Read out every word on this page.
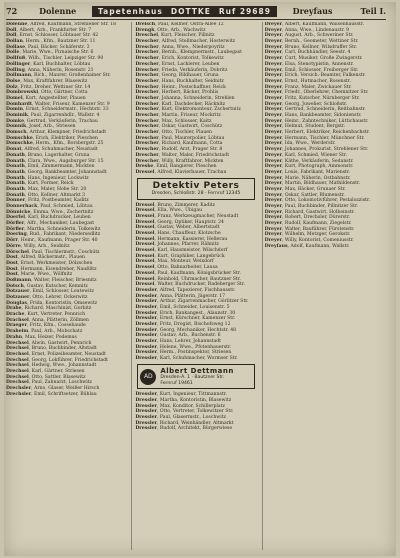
72	Dolenne	Tapetenhaus DOTTKE Ruf 29689	Dreyfaus	Teil I.
Dolenne, Alfred, Kaufmann, Strehlener Str. 18
Doll, Albert, Arb., Frankfurter Str. 7
Doll, Ernst, Schlosser, Löbtauer Str. 42
Dollan, Herm., Kfm., Bautzner Str. 11
Dollase, Paul, Bäcker, Schäferstr. 3
Dolle, Marie, Wwe., Pirnaische Str. 6
Dollfuß, Wilh., Tischler, Leipziger Str. 90
Dollinger, Karl, Buchhalter, Löbtau
Dolling, Anna, Näherin, Rosenstr. 21
Dollmann, Rich., Maurer, Großenhainer Str.
Dolse, Max, Kraftfahrer, Blasewitz
Dolz, Fritz, Dreher, Wettiner Str. 14
Dombrowski, Otto, Gärtner, Cotta
Domel, Kurt, Angestellter, Plauen
Domhardt, Walter, Friseur, Kamenzer Str. 9
Domin, Ernst, Schneidermstr., Hechtstr. 33
Dominik, Paul, Zigarrenhdlr., Wallstr. 4
Domke, Gertrud, Verkäuferin, Trachau
Domnik, Josef, Arb., Striesen
Domsch, Arthur, Klempner, Friedrichstadt
Domschke, Erich, Elektriker, Pieschen
Domschke, Herm., Kfm., Borsbergstr. 25
Donat, Alfred, Schuhmacher, Neustadt
Donath, Bruno, Lagerhalter, Gruna
Donath, Clara, Wwe., Augsburger Str. 15
Donath, Emil, Zimmermann, Mickten
Donath, Georg, Bankbeamter, Johannstadt
Donath, Hans, Ingenieur, Lockwitz
Donath, Kurt, Former, Reick
Donath, Max, Maler, Hohe Str. 20
Donath, Otto, Kellner, Altmarkt 3
Donner, Fritz, Postbeamter, Kaditz
Donnerhack, Paul, Schmied, Löbtau
Dönnicke, Emma, Wwe., Zschertnitz
Doerfel, Karl, Buchdrucker, Leuben
Dörfler, Alfr., Mechaniker, Laubegast
Dörfler, Martha, Schneiderin, Tolkewitz
Doering, Rud., Fabrikant, Niedersedlitz
Dörr, Heinr., Kaufmann, Prager Str. 40
Dörre, Willy, Arb., Seidnitz
Dörschel, Paul, Tischlermstr., Coschütz
Dost, Alfred, Bäckermstr., Plauen
Dost, Ernst, Werkmeister, Dölzschen
Dost, Hermann, Eisendreher, Naußlitz
Dost, Marie, Wwe., Wölfnitz
Doßmann, Walter, Fleischer, Briesnitz
Dotsch, Gustav, Kutscher, Kemnitz
Dotzauer, Emil, Schlosser, Leutewitz
Dotzauer, Otto, Lehrer, Ockerwitz
Douglas, Frida, Kontoristin, Omsewitz
Drabe, Richard, Maschinist, Gorbitz
Drache, Kurt, Vertreter, Pennrich
Drachsel, Anna, Plätterin, Zöllmen
Draeger, Fritz, Kfm., Cossebaude
Draheim, Paul, Arb., Mobschatz
Drahn, Max, Heizer, Podemus
Drechsel, Alwin, Gastwirt, Pennrich
Drechsel, Bruno, Buchbinder, Altstadt
Drechsel, Ernst, Polizeibeamter, Neustadt
Drechsel, Georg, Lokführer, Friedrichstadt
Drechsel, Hedwig, Wwe., Johannstadt
Drechsel, Karl, Gärtner, Striesen
Drechsel, Otto, Sattler, Blasewitz
Drechsel, Paul, Zahnarzt, Loschwitz
Drechsler, Arno, Glaser, Weißer Hirsch
Drechsler, Emil, Schriftsetzer, Bühlau
Dreisch, Paul, Kellner, Ostra-Allee 12
Drengk, Otto, Arb., Wachwitz
Dreschel, Kurt, Fleischer, Pillnitz
Drescher, Alfred, Stellmacher, Hosterwitz
Drescher, Anna, Wwe., Niederpoyritz
Drescher, Bernh., Klempnermstr., Laubegast
Drescher, Erich, Kontorist, Tolkewitz
Drescher, Ernst, Lackierer, Leuben
Drescher, Frieda, Verkäuferin, Dobritz
Drescher, Georg, Bildhauer, Gruna
Drescher, Hans, Buchhalter, Seidnitz
Drescher, Heinr., Postschaffner, Reick
Drescher, Herbert, Bäcker, Prohlis
Drescher, Johanna, Schneiderin, Strehlen
Drescher, Karl, Dachdecker, Räcknitz
Drescher, Kurt, Elektromonteur, Zschertnitz
Drescher, Martin, Friseur, Mockritz
Drescher, Max, Schlosser, Kaitz
Drescher, Oskar, Gastwirt, Coschütz
Drescher, Otto, Tischler, Plauen
Drescher, Paul, Maurerpolier, Löbtau
Drescher, Richard, Kaufmann, Cotta
Drescher, Rudolf, Arzt, Prager Str. 8
Drescher, Walter, Maler, Friedrichstadt
Drescher, Willy, Kraftfahrer, Mickten
Dreske, Emil, Rangierer, Pieschen
Dressel, Alfred, Klavierbauer, Trachau
Detektiv Peters
Dresden, Schloßstr. 28 · Fernruf 12345
Dressel, Bruno, Zimmerer, Kaditz
Dressel, Ella, Wwe., Übigau
Dressel, Franz, Werkzeugmacher, Neustadt
Dressel, Georg, Optiker, Hauptstr. 24
Dressel, Gustav, Weber, Albertstadt
Dressel, Hans, Chauffeur, Klotzsche
Dressel, Hermann, Kassierer, Hellerau
Dressel, Johannes, Pfarrer, Rähnitz
Dressel, Karl, Hausmeister, Wilschdorf
Dressel, Kurt, Graphiker, Langebrück
Dressel, Max, Monteur, Weixdorf
Dressel, Otto, Bahnarbeiter, Lausa
Dressel, Paul, Kaufmann, Königsbrücker Str.
Dressel, Reinhold, Uhrmacher, Bautzner Str.
Dressel, Walter, Buchdrucker, Radeberger Str.
Dressler, Alfred, Tapezierer, Fischhausstr.
Dressler, Anna, Plätterin, Jägerstr. 17
Dressler, Arthur, Zigarrenmacher, Görlitzer Str.
Dressler, Emil, Schneider, Louisenstr. 5
Dressler, Erich, Bankangest., Alaunstr. 30
Dressler, Ernst, Kürschner, Kamenzer Str.
Dressler, Fritz, Drogist, Bischofsweg 12
Dressler, Georg, Mechaniker, Hechtstr. 48
Dressler, Gustav, Arb., Buchenstr. 6
Dressler, Hans, Lehrer, Johannstadt
Dressler, Helene, Wwe., Pfotenhauerstr.
Dressler, Herm., Postinspektor, Striesen
Dressler, Karl, Schuhmacher, Wormser Str.
AD
Albert Dettmann
Dresden-A. 1 · Bautzner Str.
Fernruf 19461
Dressler, Kurt, Ingenieur, Tittmannstr.
Dressler, Martha, Kontoristin, Blasewitz
Dressler, Max, Konditor, Schillerplatz
Dressler, Otto, Vertreter, Tolkewitzer Str.
Dressler, Paul, Glasermstr., Loschwitz
Dressler, Richard, Weinhändler, Altmarkt
Dressler, Rudolf, Architekt, Bürgerwiese
Dreyer, Albert, Kaufmann, Waisenhausstr.
Dreyer, Anna, Wwe., Lindenaustr. 9
Dreyer, August, Arb., Schweriner Str.
Dreyer, Bernh., Geometer, Wettiner Str.
Dreyer, Bruno, Kellner, Wilsdruffer Str.
Dreyer, Carl, Buchhändler, Seestr. 4
Dreyer, Curt, Musiker, Große Zwingerstr.
Dreyer, Elsa, Stenotypistin, Annenstr.
Dreyer, Emil, Schlosser, Freiberger Str.
Dreyer, Erich, Versich.-Beamter, Falkenstr.
Dreyer, Ernst, Hutmacher, Rosenstr.
Dreyer, Franz, Maler, Zwickauer Str.
Dreyer, Friedr., Oberlehrer, Chemnitzer Str.
Dreyer, Fritz, Kutscher, Nürnberger Str.
Dreyer, Georg, Juwelier, Schloßstr.
Dreyer, Gertrud, Schneiderin, Reitbahnstr.
Dreyer, Hans, Bankbeamter, Sidonienstr.
Dreyer, Heinr., Zahntechniker, Lüttichaustr.
Dreyer, Helmut, Student, Bergstr.
Dreyer, Herbert, Elektriker, Reichenbachstr.
Dreyer, Hermann, Tischler, Münchner Str.
Dreyer, Ida, Wwe., Werderstr.
Dreyer, Johannes, Prokurist, Strehlener Str.
Dreyer, Karl, Schmied, Wiener Str.
Dreyer, Käthe, Verkäuferin, Sedanstr.
Dreyer, Kurt, Photograph, Ammonstr.
Dreyer, Louis, Fabrikant, Marienstr.
Dreyer, Marie, Näherin, Ostbahnstr.
Dreyer, Martin, Bildhauer, Mathildenstr.
Dreyer, Max, Bäcker, Grunaer Str.
Dreyer, Oskar, Sattler, Blumenstr.
Dreyer, Otto, Lokomotivführer, Pestalozzistr.
Dreyer, Paul, Buchbinder, Pillnitzer Str.
Dreyer, Richard, Gastwirt, Holbeinstr.
Dreyer, Robert, Drechsler, Dürerstr.
Dreyer, Rudolf, Kaufmann, Ziegelstr.
Dreyer, Walter, Bauführer, Fürstenstr.
Dreyer, Wilhelm, Metzger, Gerokstr.
Dreyer, Willy, Kontorist, Comeniusstr.
Dreyfaus, Adolf, Kaufmann, Wallstr.
